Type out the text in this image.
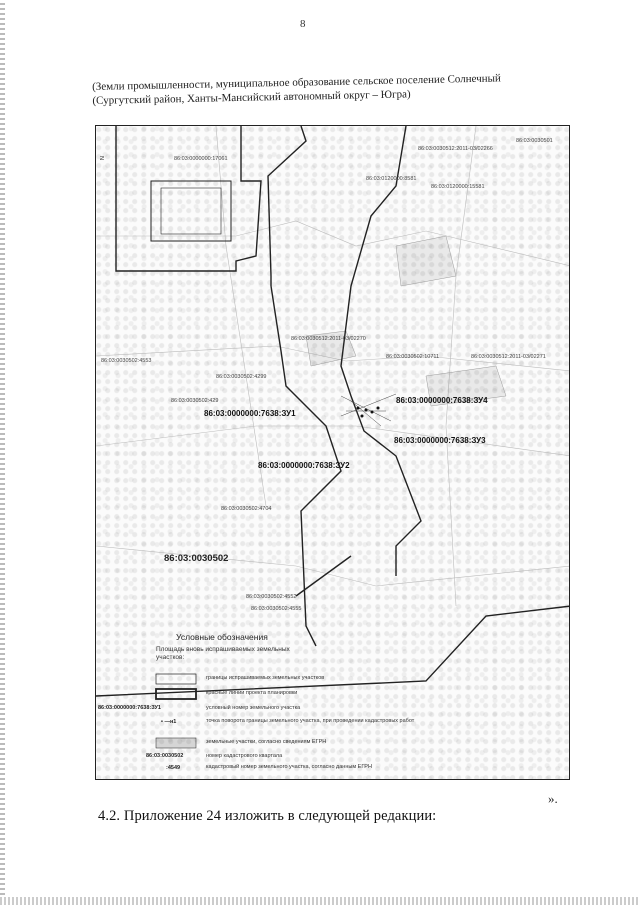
8
(Земли промышленности, муниципальное образование сельское поселение Солнечный (Сургутский район, Ханты-Мансийский автономный округ – Югра)
N	86:03:0000000:17061
86:03:0120000:8581
86:03:0120000:15581
86:03:0030512:2011-03/02266
86:03:0030501
86:03:0030512:2011-03/02270
86:03:0030502:10711	86:03:0030512:2011-03/02271
86:03:0030502:4299
86:03:0030502:429
86:03:0030502:4704
86:03:0030502:4552
86:03:0030502:4555
86:03:0030502:4553
86:03:0000000:7638:ЗУ1
86:03:0000000:7638:ЗУ2
86:03:0000000:7638:ЗУ3
86:03:0000000:7638:ЗУ4
86:03:0030502
Условные обозначения
Площадь вновь испрашиваемых земельных участков:
границы испрашиваемых земельных участков
красные линии проекта планировки
86:03:0000000:7638:ЗУ1	условный номер земельного участка
• —н1	точка поворота границы земельного участка, при проведении кадастровых работ
земельные участки, согласно сведениям ЕГРН
86:03:0030502	номер кадастрового квартала
:4549	кадастровый номер земельного участка, согласно данным ЕГРН
».
4.2. Приложение 24 изложить в следующей редакции:
